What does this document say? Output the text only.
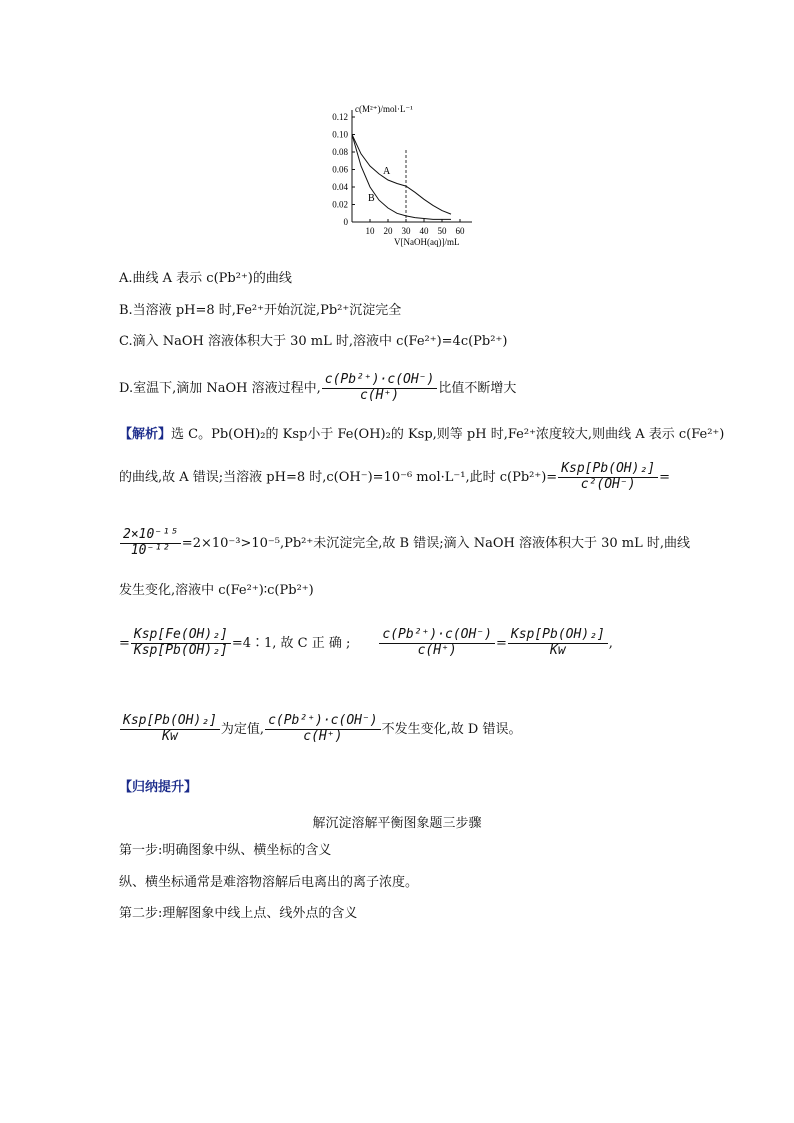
c(M²⁺)/mol·L⁻¹
0.12
0.10
0.08
0.06
0.04
0.02
0
10 20 30 40 50 60
A
B
V[NaOH(aq)]/mL
A.曲线 A 表示 c(Pb²⁺)的曲线
B.当溶液 pH=8 时,Fe²⁺开始沉淀,Pb²⁺沉淀完全
C.滴入 NaOH 溶液体积大于 30 mL 时,溶液中 c(Fe²⁺)=4c(Pb²⁺)
D.室温下,滴加 NaOH 溶液过程中, $\frac{\text{c(Pb²⁺)·c(OH⁻)}}{c(H^+)}$ 比值不断增大
【解析】选 C。Pb(OH)₂的 Ksp小于 Fe(OH)₂的 Ksp,则等 pH 时,Fe²⁺浓度较大,则曲线 A 表示 c(Fe²⁺)
的曲线,故 A 错误;当溶液 pH=8 时,c(OH⁻)=10⁻⁶ mol·L⁻¹,此时 $c(Pb^{2+})= \frac{\text{Ksp[Pb(OH)₂]}}{\text{c²(OH⁻)}}$ =
$\frac{\text{2×10⁻¹⁵}}{\text{10⁻¹²}} =2\times 10^{-3}>10^{-5},Pb^{2+}$未沉淀完全,故 B 错误;滴入 NaOH 溶液体积大于 30 mL 时,曲线
发生变化,溶液中 c(Fe²⁺)∶c(Pb²⁺)
= $\frac{\text{Ksp[Fe(OH)₂]}}{\text{Ksp[Pb(OH)₂]}}$ =4∶1, 故 C 正 确 ; $\frac{\text{c(Pb²⁺)·c(OH⁻)}}{c(H^+)} = \frac{\text{Ksp[Pb(OH)₂]}}{Kw}$ ,
$\frac{\text{Ksp[Pb(OH)₂]}}{Kw}$ 为定值, $\frac{\text{c(Pb²⁺)·c(OH⁻)}}{c(H^+)}$ 不发生变化,故 D 错误。
【归纳提升】
解沉淀溶解平衡图象题三步骤
第一步:明确图象中纵、横坐标的含义
纵、横坐标通常是难溶物溶解后电离出的离子浓度。
第二步:理解图象中线上点、线外点的含义
